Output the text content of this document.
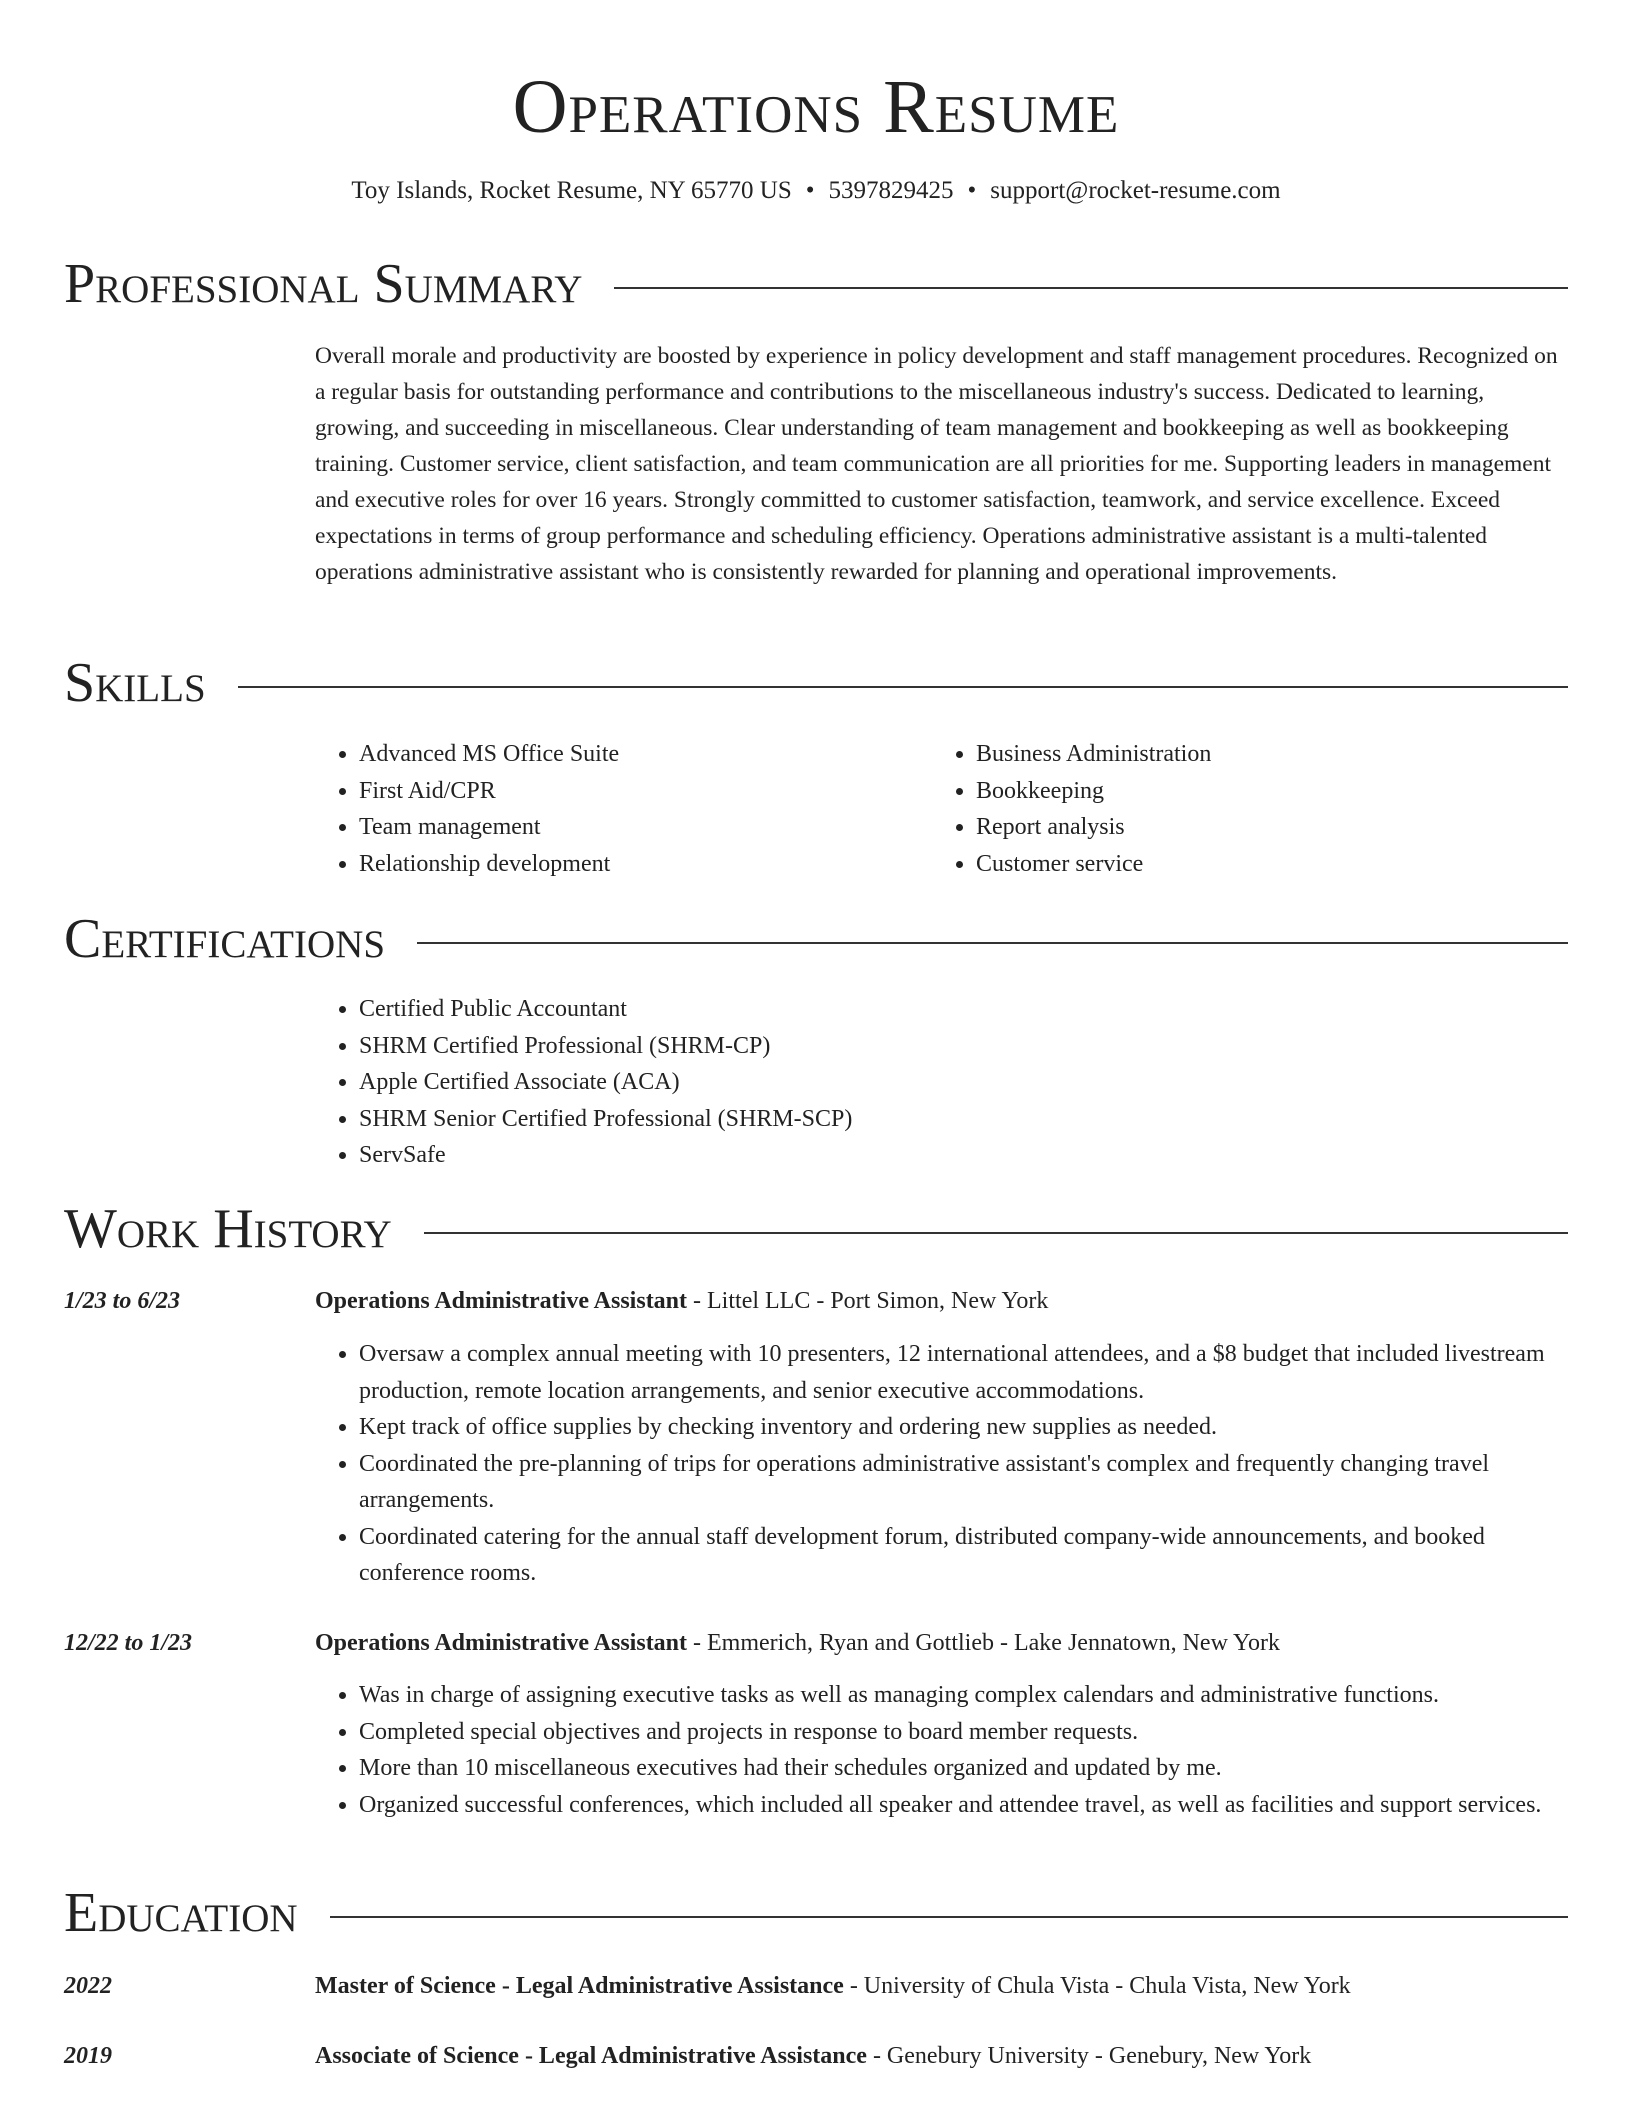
Operations Resume
Toy Islands, Rocket Resume, NY 65770 US • 5397829425 • support@rocket-resume.com
Professional Summary

Overall morale and productivity are boosted by experience in policy development and staff management procedures. Recognized on a regular basis for outstanding performance and contributions to the miscellaneous industry's success. Dedicated to learning, growing, and succeeding in miscellaneous. Clear understanding of team management and bookkeeping as well as bookkeeping training. Customer service, client satisfaction, and team communication are all priorities for me. Supporting leaders in management and executive roles for over 16 years. Strongly committed to customer satisfaction, teamwork, and service excellence. Exceed expectations in terms of group performance and scheduling efficiency. Operations administrative assistant is a multi-talented operations administrative assistant who is consistently rewarded for planning and operational improvements.

Skills
• Advanced MS Office Suite
• First Aid/CPR
• Team management
• Relationship development
• Business Administration
• Bookkeeping
• Report analysis
• Customer service
Certifications
• Certified Public Accountant
• SHRM Certified Professional (SHRM-CP)
• Apple Certified Associate (ACA)
• SHRM Senior Certified Professional (SHRM-SCP)
• ServSafe
Work History
1/23 to 6/23	Operations Administrative Assistant - Littel LLC - Port Simon, New York
• Oversaw a complex annual meeting with 10 presenters, 12 international attendees, and a $8 budget that included livestream production, remote location arrangements, and senior executive accommodations.
• Kept track of office supplies by checking inventory and ordering new supplies as needed.
• Coordinated the pre-planning of trips for operations administrative assistant's complex and frequently changing travel arrangements.
• Coordinated catering for the annual staff development forum, distributed company-wide announcements, and booked conference rooms.
12/22 to 1/23	Operations Administrative Assistant - Emmerich, Ryan and Gottlieb - Lake Jennatown, New York
• Was in charge of assigning executive tasks as well as managing complex calendars and administrative functions.
• Completed special objectives and projects in response to board member requests.
• More than 10 miscellaneous executives had their schedules organized and updated by me.
• Organized successful conferences, which included all speaker and attendee travel, as well as facilities and support services.
Education
2022	Master of Science - Legal Administrative Assistance - University of Chula Vista - Chula Vista, New York
2019	Associate of Science - Legal Administrative Assistance - Genebury University - Genebury, New York
